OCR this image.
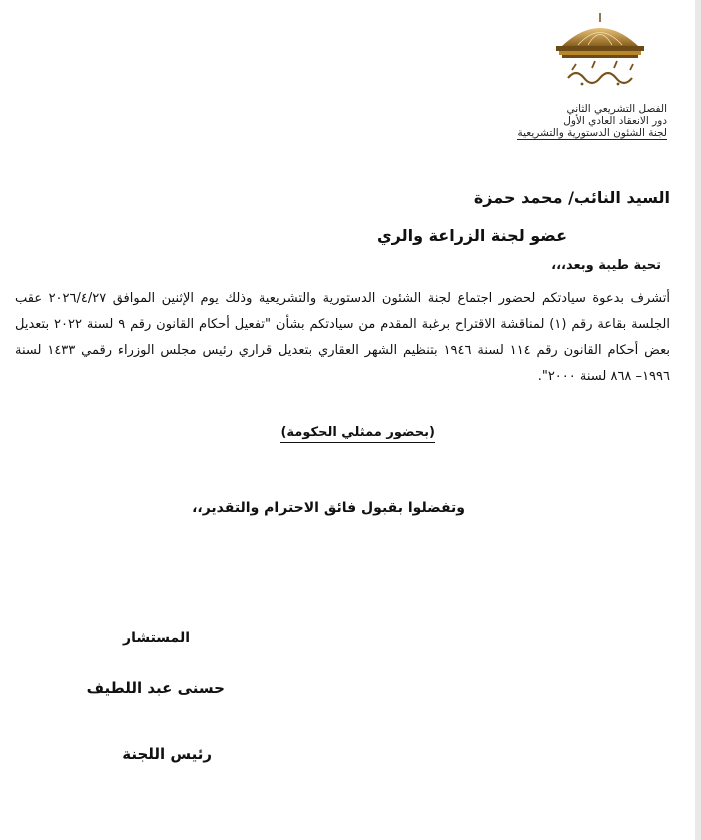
الفصل التشريعي الثاني
دور الانعقاد العادي الأول
لجنة الشئون الدستورية والتشريعية
السيد النائب/ محمد حمزة
عضو لجنة الزراعة والري
تحية طيبة وبعد،،،

أتشرف بدعوة سيادتكم لحضور اجتماع لجنة الشئون الدستورية والتشريعية وذلك يوم الإثنين الموافق ٢٠٢٦/٤/٢٧ عقب الجلسة بقاعة رقم (١) لمناقشة الاقتراح برغبة المقدم من سيادتكم بشأن "تفعيل أحكام القانون رقم ٩ لسنة ٢٠٢٢ بتعديل بعض أحكام القانون رقم ١١٤ لسنة ١٩٤٦ بتنظيم الشهر العقاري بتعديل قراري رئيس مجلس الوزراء رقمي ١٤٣٣ لسنة ١٩٩٦– ٨٦٨ لسنة ٢٠٠٠".

(بحضور ممثلي الحكومة)
وتفضلوا بقبول فائق الاحترام والتقدير،،
المستشار
حسنى عبد اللطيف
رئيس اللجنة
